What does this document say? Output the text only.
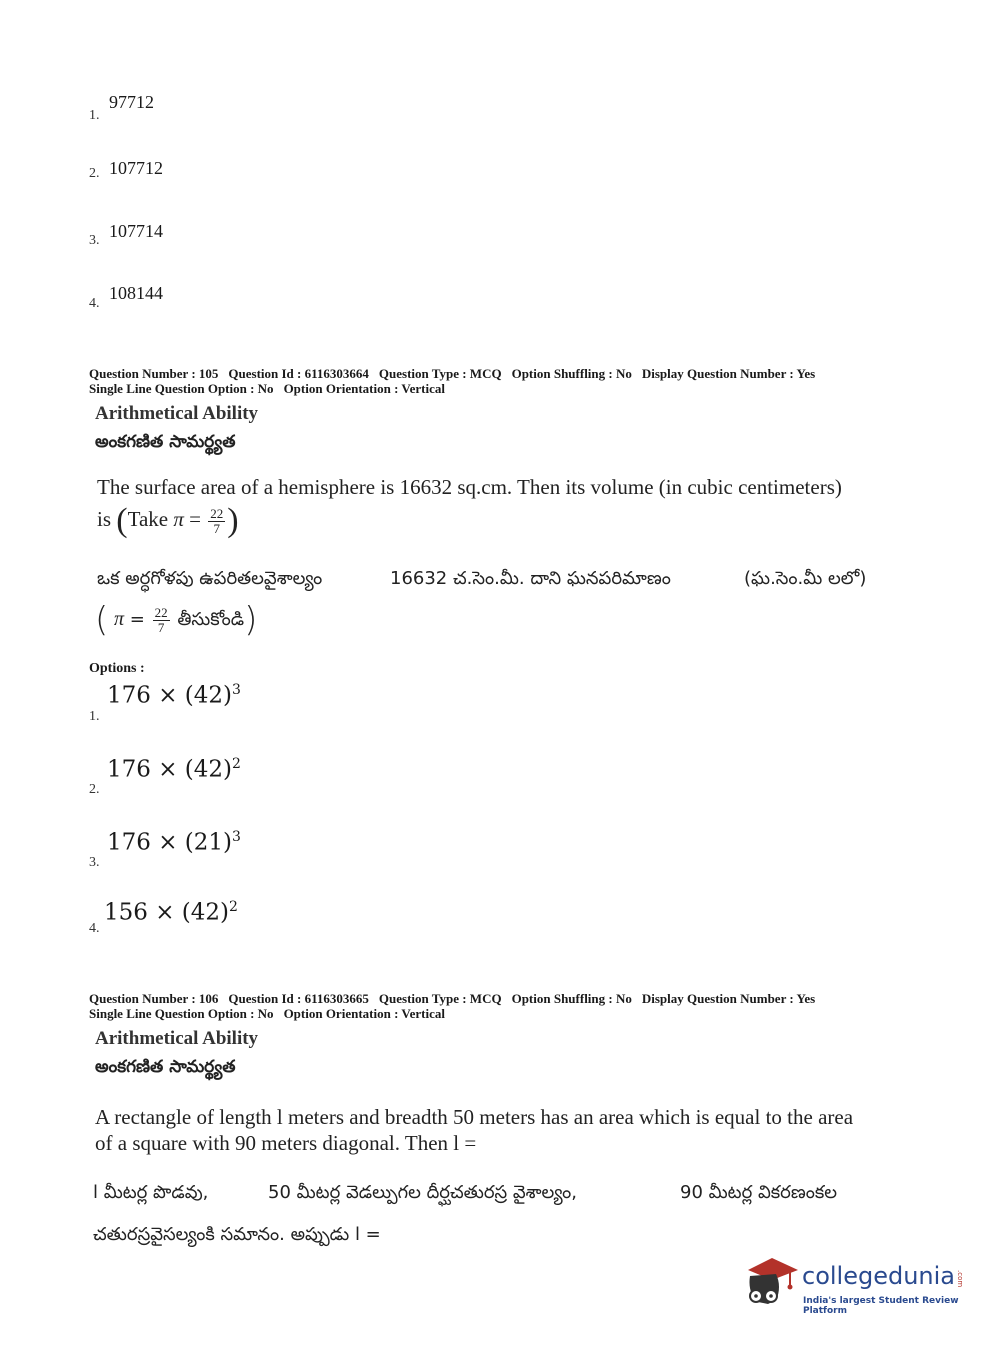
1.
97712
2. 107712
3. 107714
4.
108144
Question Number : 105 Question Id : 6116303664 Question Type : MCQ Option Shuffling : No Display Question Number : Yes
Single Line Question Option : No Option Orientation : Vertical
Arithmetical Ability
అంకగణిత సామర్థ్యత
The surface area of a hemisphere is 16632 sq.cm. Then its volume (in cubic centimeters)
is (Take $\pi = \frac{22}{7}$ )
ఒక అర్ధగోళపు ఉపరితలవైశాల్యం	16632 చ.సెం.మీ. దాని ఘనపరిమాణం	(ఘ.సెం.మీ లలో)
( $\pi = \frac{22}{7}$ తీసుకోండి)
Options :
1.
$176 \times (42)^3$
2.
$176 \times (42)^2$
3.
$176 \times (21)^3$
4.
$156 \times (42)^2$
Question Number : 106 Question Id : 6116303665 Question Type : MCQ Option Shuffling : No Display Question Number : Yes
Single Line Question Option : No Option Orientation : Vertical
Arithmetical Ability
అంకగణిత సామర్థ్యత
A rectangle of length l meters and breadth 50 meters has an area which is equal to the area
of a square with 90 meters diagonal. Then l =
l మీటర్ల పొడవు,	50 మీటర్ల వెడల్పుగల దీర్ఘచతురస్ర వైశాల్యం,	90 మీటర్ల వికరణంకల
చతురస్రవైసల్యంకి సమానం. అప్పుడు l =
collegedunia .com
India's largest Student Review Platform
